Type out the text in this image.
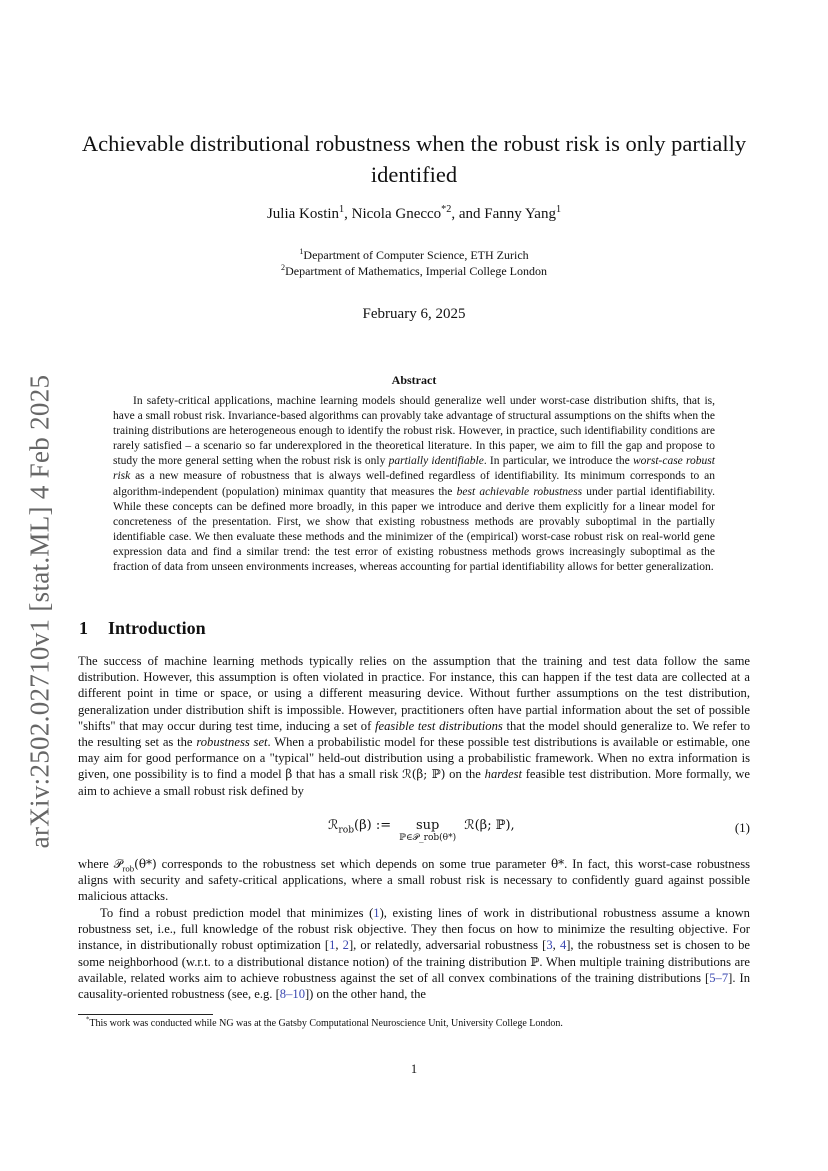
arXiv:2502.02710v1 [stat.ML] 4 Feb 2025
Achievable distributional robustness when the robust risk is only partially identified
Julia Kostin$^1$, Nicola Gnecco$^{*2}$, and Fanny Yang$^1$
$^1$Department of Computer Science, ETH Zurich
$^2$Department of Mathematics, Imperial College London
February 6, 2025
Abstract

In safety-critical applications, machine learning models should generalize well under worst-case distribution shifts, that is, have a small robust risk. Invariance-based algorithms can provably take advantage of structural assumptions on the shifts when the training distributions are heterogeneous enough to identify the robust risk. However, in practice, such identifiability conditions are rarely satisfied – a scenario so far underexplored in the theoretical literature. In this paper, we aim to fill the gap and propose to study the more general setting when the robust risk is only partially identifiable. In particular, we introduce the worst-case robust risk as a new measure of robustness that is always well-defined regardless of identifiability. Its minimum corresponds to an algorithm-independent (population) minimax quantity that measures the best achievable robustness under partial identifiability. While these concepts can be defined more broadly, in this paper we introduce and derive them explicitly for a linear model for concreteness of the presentation. First, we show that existing robustness methods are provably suboptimal in the partially identifiable case. We then evaluate these methods and the minimizer of the (empirical) worst-case robust risk on real-world gene expression data and find a similar trend: the test error of existing robustness methods grows increasingly suboptimal as the fraction of data from unseen environments increases, whereas accounting for partial identifiability allows for better generalization.

1 Introduction

The success of machine learning methods typically relies on the assumption that the training and test data follow the same distribution. However, this assumption is often violated in practice. For instance, this can happen if the test data are collected at a different point in time or space, or using a different measuring device. Without further assumptions on the test distribution, generalization under distribution shift is impossible. However, practitioners often have partial information about the set of possible "shifts" that may occur during test time, inducing a set of feasible test distributions that the model should generalize to. We refer to the resulting set as the robustness set. When a probabilistic model for these possible test distributions is available or estimable, one may aim for good performance on a "typical" held-out distribution using a probabilistic framework. When no extra information is given, one possibility is to find a model β that has a small risk ℛ(β; ℙ) on the hardest feasible test distribution. More formally, we aim to achieve a small robust risk defined by

ℛ$_{rob}$(β) := sup
ℙ∈𝒫_rob(θ*)
ℛ(β; ℙ),	(1)

where 𝒫$_{rob}$(θ*) corresponds to the robustness set which depends on some true parameter θ*. In fact, this worst-case robustness aligns with security and safety-critical applications, where a small robust risk is necessary to confidently guard against possible malicious attacks.

To find a robust prediction model that minimizes (1), existing lines of work in distributional robustness assume a known robustness set, i.e., full knowledge of the robust risk objective. They then focus on how to minimize the resulting objective. For instance, in distributionally robust optimization [1, 2], or relatedly, adversarial robustness [3, 4], the robustness set is chosen to be some neighborhood (w.r.t. to a distributional distance notion) of the training distribution ℙ. When multiple training distributions are available, related works aim to achieve robustness against the set of all convex combinations of the training distributions [5–7]. In causality-oriented robustness (see, e.g. [8–10]) on the other hand, the

*This work was conducted while NG was at the Gatsby Computational Neuroscience Unit, University College London.
1
